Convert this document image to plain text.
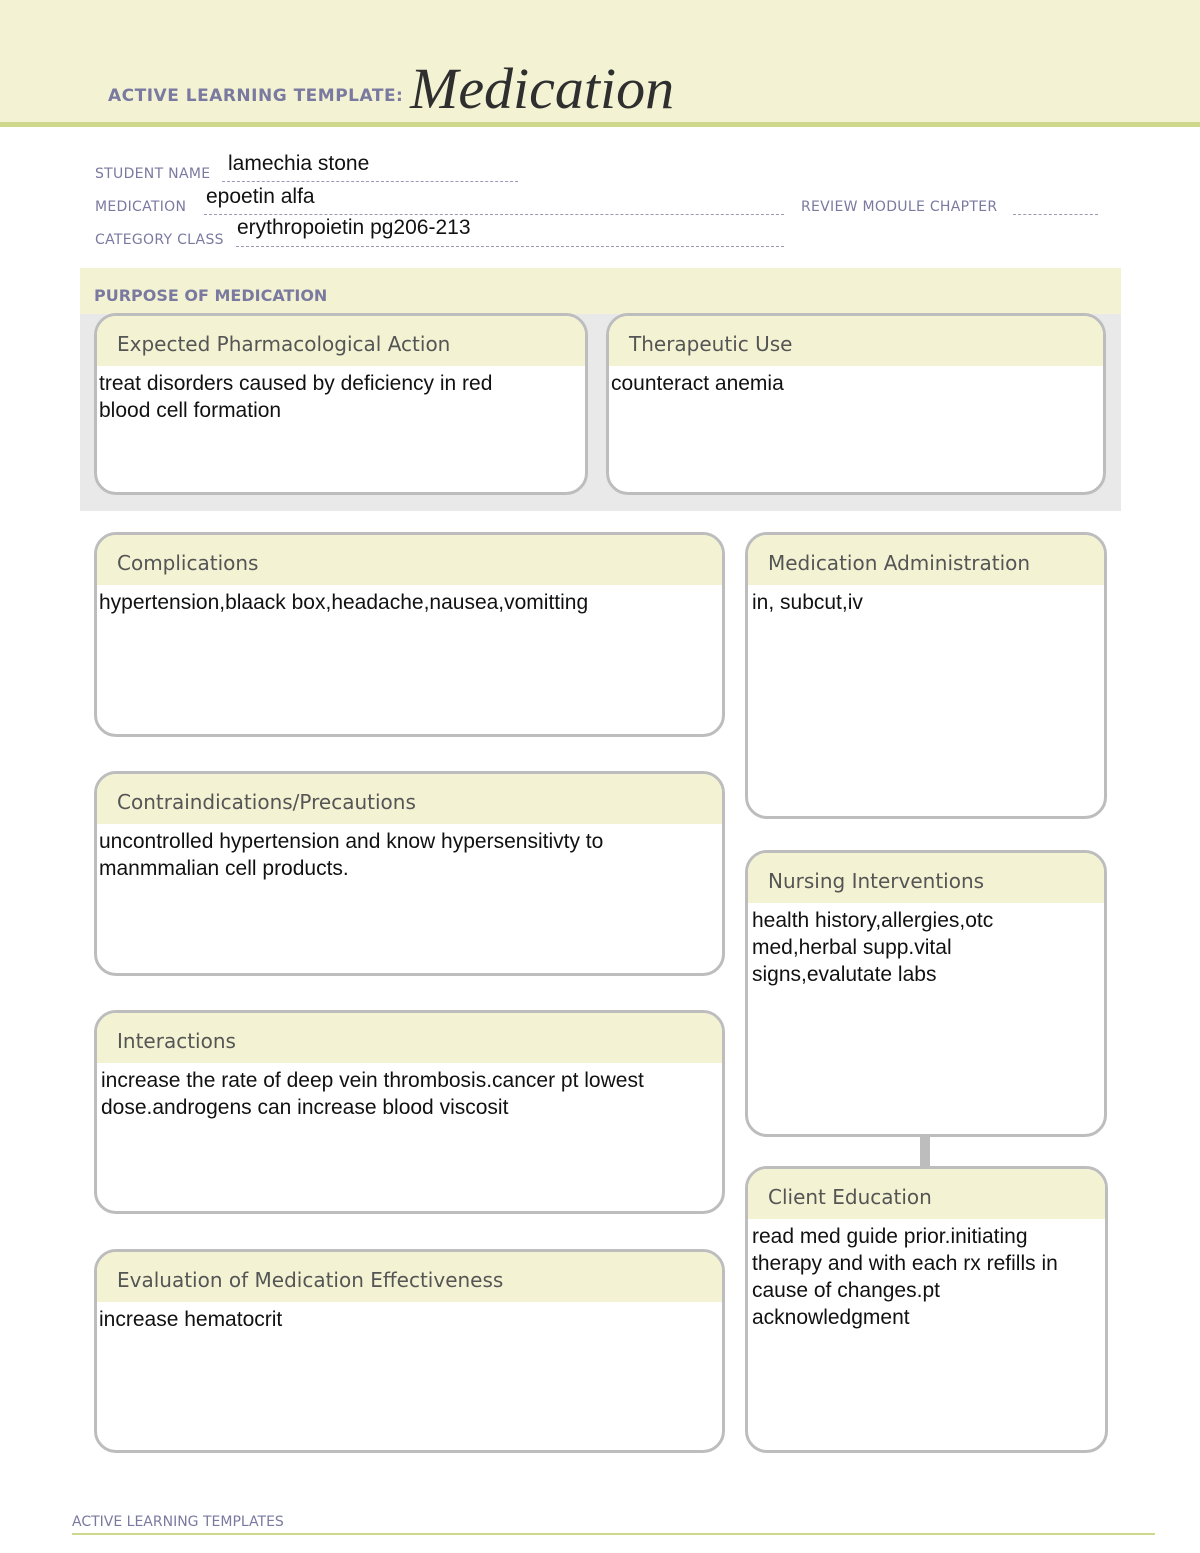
ACTIVE LEARNING TEMPLATE: Medication
STUDENT NAME lamechia stone
MEDICATION epoetin alfa	REVIEW MODULE CHAPTER
CATEGORY CLASS
erythropoietin pg206-213
PURPOSE OF MEDICATION
Expected Pharmacological Action
treat disorders caused by deficiency in red blood cell formation
Therapeutic Use
counteract anemia
Complications
hypertension,blaack box,headache,nausea,vomitting
Contraindications/Precautions
uncontrolled hypertension and know hypersensitivty to manmmalian cell products.
Interactions
increase the rate of deep vein thrombosis.cancer pt lowest dose.androgens can increase blood viscosit
Evaluation of Medication Effectiveness
increase hematocrit
Medication Administration
in, subcut,iv
Nursing Interventions
health history,allergies,otc med,herbal supp.vital signs,evalutate labs
Client Education
read med guide prior.initiating therapy and with each rx refills in cause of changes.pt acknowledgment
ACTIVE LEARNING TEMPLATES
